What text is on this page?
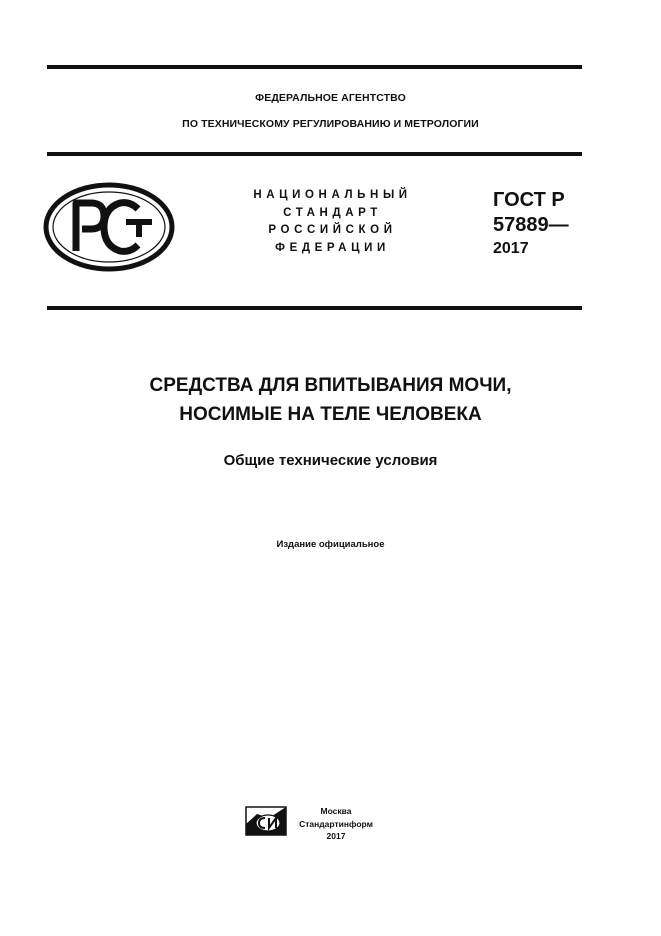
ФЕДЕРАЛЬНОЕ АГЕНТСТВО
ПО ТЕХНИЧЕСКОМУ РЕГУЛИРОВАНИЮ И МЕТРОЛОГИИ
НАЦИОНАЛЬНЫЙ
СТАНДАРТ
РОССИЙСКОЙ
ФЕДЕРАЦИИ
ГОСТ Р
57889—
2017
СРЕДСТВА ДЛЯ ВПИТЫВАНИЯ МОЧИ,
НОСИМЫЕ НА ТЕЛЕ ЧЕЛОВЕКА
Общие технические условия
Издание официальное
Москва
Стандартинформ
2017
